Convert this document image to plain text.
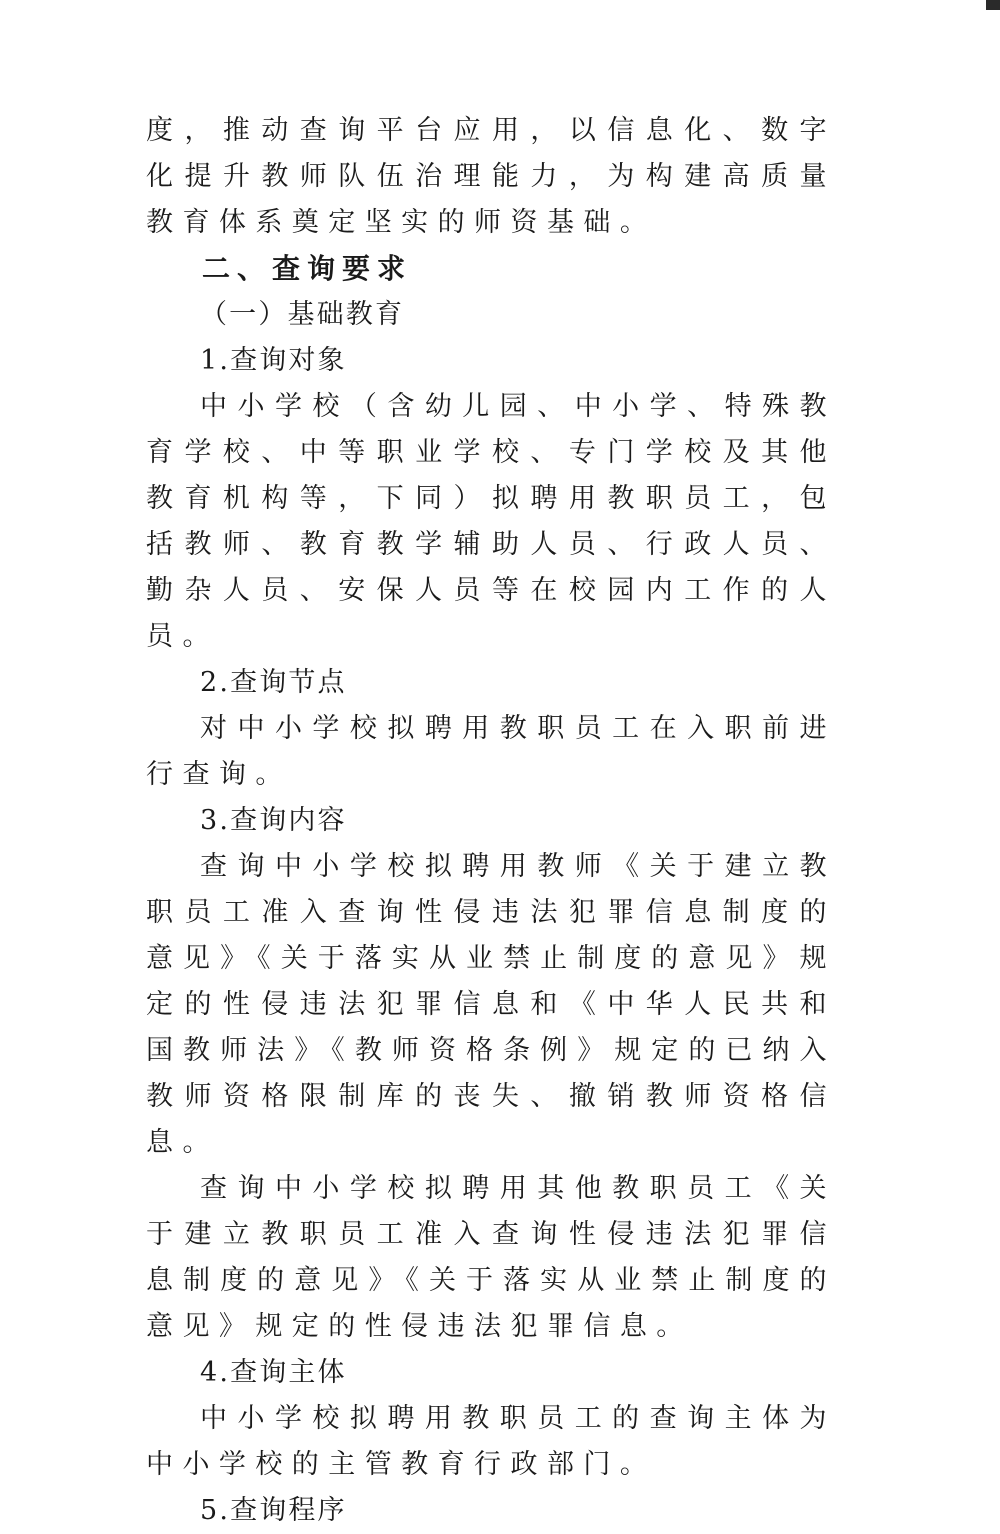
度，推动查询平台应用，以信息化、数字化提升教师队伍治理能力，为构建高质量教育体系奠定坚实的师资基础。

二、查询要求

（一）基础教育

1.查询对象

中小学校（含幼儿园、中小学、特殊教育学校、中等职业学校、专门学校及其他教育机构等，下同）拟聘用教职员工，包括教师、教育教学辅助人员、行政人员、勤杂人员、安保人员等在校园内工作的人员。

2.查询节点

对中小学校拟聘用教职员工在入职前进行查询。

3.查询内容

查询中小学校拟聘用教师《关于建立教职员工准入查询性侵违法犯罪信息制度的意见》《关于落实从业禁止制度的意见》规定的性侵违法犯罪信息和《中华人民共和国教师法》《教师资格条例》规定的已纳入教师资格限制库的丧失、撤销教师资格信息。

查询中小学校拟聘用其他教职员工《关于建立教职员工准入查询性侵违法犯罪信息制度的意见》《关于落实从业禁止制度的意见》规定的性侵违法犯罪信息。

4.查询主体

中小学校拟聘用教职员工的查询主体为中小学校的主管教育行政部门。

5.查询程序
